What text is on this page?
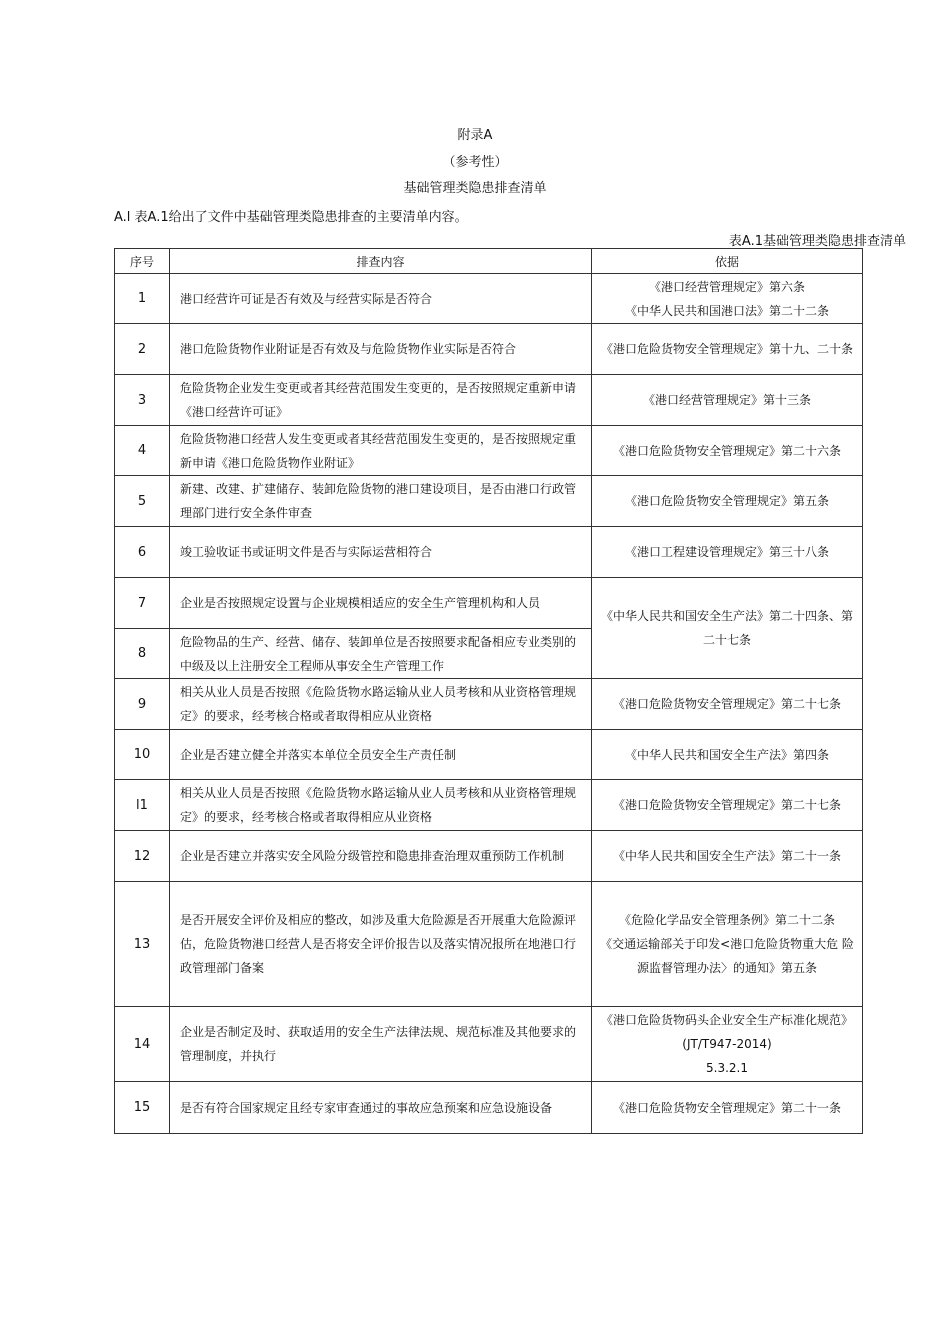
附录A
（参考性）
基础管理类隐患排查清单
A.l 表A.1给出了文件中基础管理类隐患排查的主要清单内容。
表A.1基础管理类隐患排查清单
序号	排查内容	依据
1	港口经营许可证是否有效及与经营实际是否符合	《港口经营管理规定》第六条
《中华人民共和国港口法》第二十二条
2	港口危险货物作业附证是否有效及与危险货物作业实际是否符合	《港口危险货物安全管理规定》第十九、二十条
3	危险货物企业发生变更或者其经营范围发生变更的，是否按照规定重新申请《港口经营许可证》	《港口经营管理规定》第十三条
4	危险货物港口经营人发生变更或者其经营范围发生变更的，是否按照规定重新申请《港口危险货物作业附证》	《港口危险货物安全管理规定》第二十六条
5	新建、改建、扩建储存、装卸危险货物的港口建设项目，是否由港口行政管理部门进行安全条件审查	《港口危险货物安全管理规定》第五条
6	竣工验收证书或证明文件是否与实际运营相符合	《港口工程建设管理规定》第三十八条
7	企业是否按照规定设置与企业规模相适应的安全生产管理机构和人员	《中华人民共和国安全生产法》第二十四条、第二十七条
8	危险物品的生产、经营、储存、装卸单位是否按照要求配备相应专业类别的中级及以上注册安全工程师从事安全生产管理工作	
9	相关从业人员是否按照《危险货物水路运输从业人员考核和从业资格管理规定》的要求，经考核合格或者取得相应从业资格	《港口危险货物安全管理规定》第二十七条
10	企业是否建立健全并落实本单位全员安全生产责任制	《中华人民共和国安全生产法》第四条
l1	相关从业人员是否按照《危险货物水路运输从业人员考核和从业资格管理规定》的要求，经考核合格或者取得相应从业资格	《港口危险货物安全管理规定》第二十七条
12	企业是否建立并落实安全风险分级管控和隐患排查治理双重预防工作机制	《中华人民共和国安全生产法》第二十一条
13	是否开展安全评价及相应的整改，如涉及重大危险源是否开展重大危险源评估，危险货物港口经营人是否将安全评价报告以及落实情况报所在地港口行政管理部门备案	《危险化学品安全管理条例》第二十二条
《交通运输部关于印发<港口危险货物重大危 险源监督管理办法〉的通知》第五条
14	企业是否制定及时、获取适用的安全生产法律法规、规范标准及其他要求的管理制度，并执行	《港口危险货物码头企业安全生产标准化规范》(JT/T947-2014)
5.3.2.1
15	是否有符合国家规定且经专家审查通过的事故应急预案和应急设施设备	《港口危险货物安全管理规定》第二十一条
